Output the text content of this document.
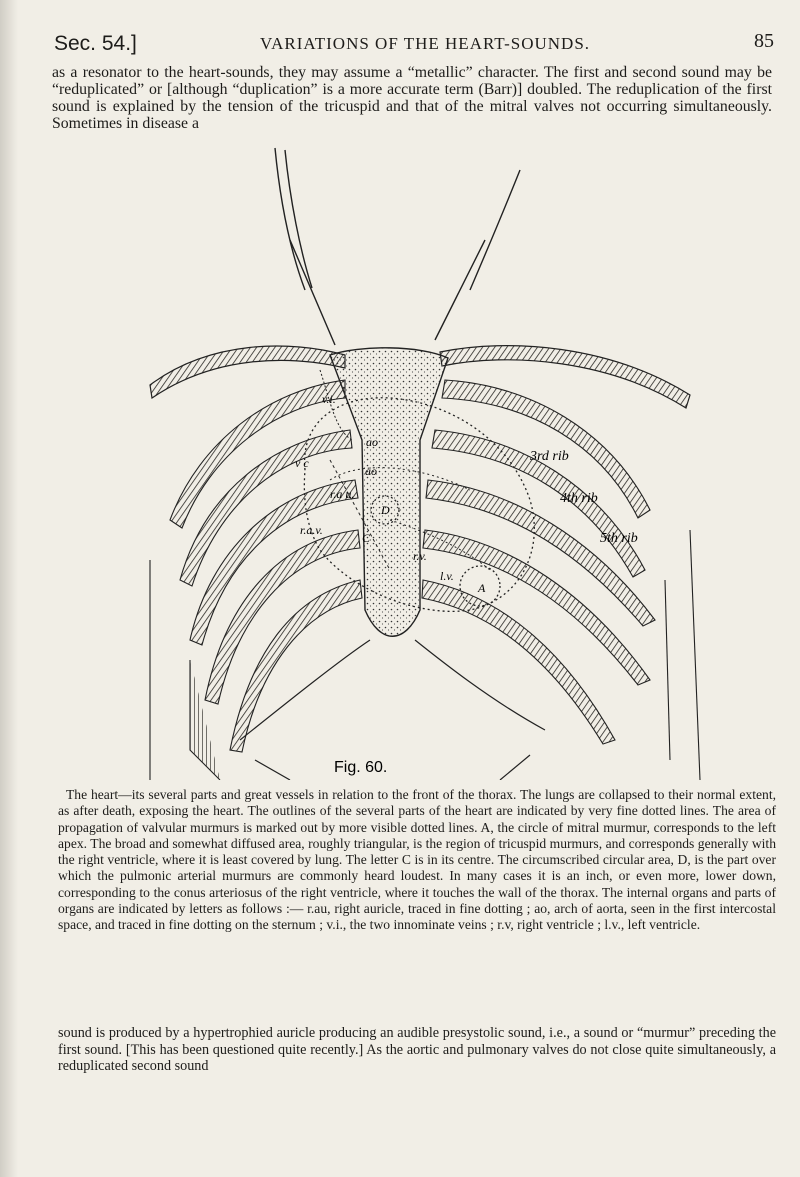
Sec. 54.]	VARIATIONS OF THE HEART-SOUNDS.	85

as a resonator to the heart-sounds, they may assume a “metallic” character. The first and second sound may be “reduplicated” or [although “duplication” is a more accurate term (Barr)] doubled. The reduplication of the first sound is explained by the tension of the tricuspid and that of the mitral valves not occurring simultaneously. Sometimes in disease a

v.i.
ao
ao
v c
r.a u.
r.a.v.
C
r.v.
A
l.v.
D
3rd rib
4th rib
5th rib
Fig. 60.

The heart—its several parts and great vessels in relation to the front of the thorax. The lungs are collapsed to their normal extent, as after death, exposing the heart. The outlines of the several parts of the heart are indicated by very fine dotted lines. The area of propagation of valvular murmurs is marked out by more visible dotted lines. A, the circle of mitral murmur, corresponds to the left apex. The broad and somewhat diffused area, roughly triangular, is the region of tricuspid murmurs, and corresponds generally with the right ventricle, where it is least covered by lung. The letter C is in its centre. The circumscribed circular area, D, is the part over which the pulmonic arterial murmurs are commonly heard loudest. In many cases it is an inch, or even more, lower down, corresponding to the conus arteriosus of the right ventricle, where it touches the wall of the thorax. The internal organs and parts of organs are indicated by letters as follows :— r.au, right auricle, traced in fine dotting ; ao, arch of aorta, seen in the first intercostal space, and traced in fine dotting on the sternum ; v.i., the two innominate veins ; r.v, right ventricle ; l.v., left ventricle.

sound is produced by a hypertrophied auricle producing an audible presystolic sound, i.e., a sound or “murmur” preceding the first sound. [This has been questioned quite recently.] As the aortic and pulmonary valves do not close quite simultaneously, a reduplicated second sound
